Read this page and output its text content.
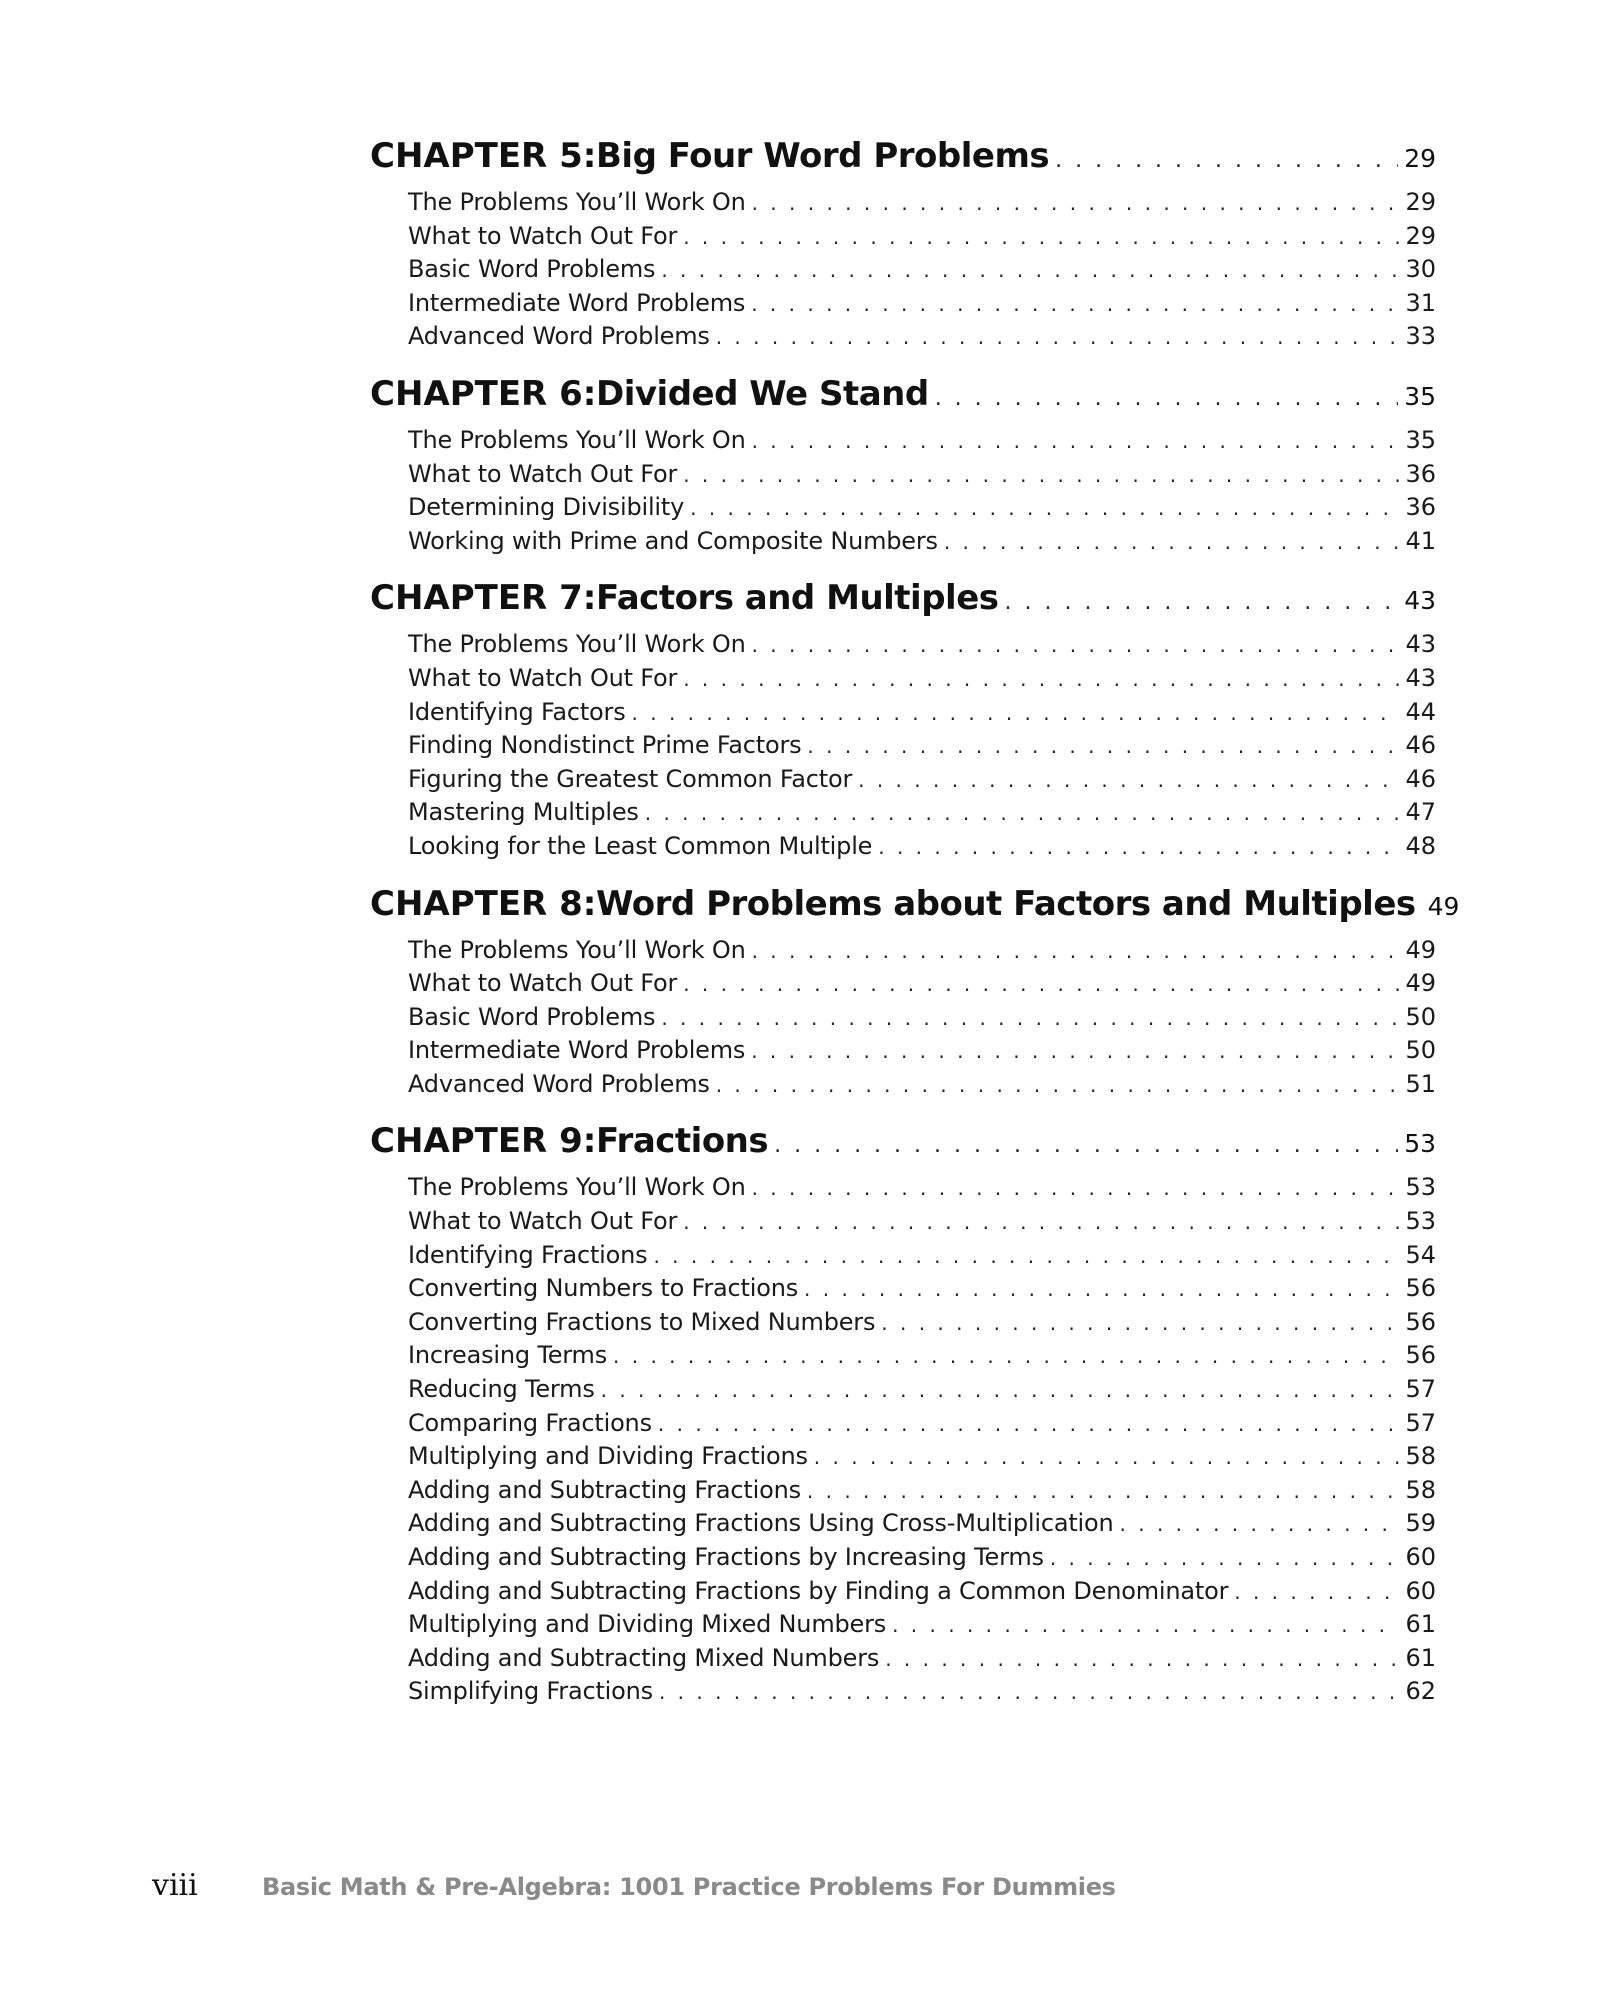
CHAPTER 5: Big Four Word Problems . . .	29
The Problems You’ll Work On . . .	29
What to Watch Out For . . .	29
Basic Word Problems . . .	30
Intermediate Word Problems . . .	31
Advanced Word Problems . . .	33
CHAPTER 6: Divided We Stand . . .	35
The Problems You’ll Work On . . .	35
What to Watch Out For . . .	36
Determining Divisibility . . .	36
Working with Prime and Composite Numbers . . .	41
CHAPTER 7: Factors and Multiples . . .	43
The Problems You’ll Work On . . .	43
What to Watch Out For . . .	43
Identifying Factors . . .	44
Finding Nondistinct Prime Factors . . .	46
Figuring the Greatest Common Factor . . .	46
Mastering Multiples . . .	47
Looking for the Least Common Multiple . . .	48
CHAPTER 8: Word Problems about Factors and Multiples 49
The Problems You’ll Work On . . .	49
What to Watch Out For . . .	49
Basic Word Problems . . .	50
Intermediate Word Problems . . .	50
Advanced Word Problems . . .	51
CHAPTER 9: Fractions . . .	53
The Problems You’ll Work On . . .	53
What to Watch Out For . . .	53
Identifying Fractions . . .	54
Converting Numbers to Fractions . . .	56
Converting Fractions to Mixed Numbers . . .	56
Increasing Terms . . .	56
Reducing Terms . . .	57
Comparing Fractions . . .	57
Multiplying and Dividing Fractions . . .	58
Adding and Subtracting Fractions . . .	58
Adding and Subtracting Fractions Using Cross-Multiplication . . .	59
Adding and Subtracting Fractions by Increasing Terms . . .	60
Adding and Subtracting Fractions by Finding a Common Denominator . . .	60
Multiplying and Dividing Mixed Numbers . . .	61
Adding and Subtracting Mixed Numbers . . .	61
Simplifying Fractions . . .	62
viii	Basic Math & Pre-Algebra: 1001 Practice Problems For Dummies
